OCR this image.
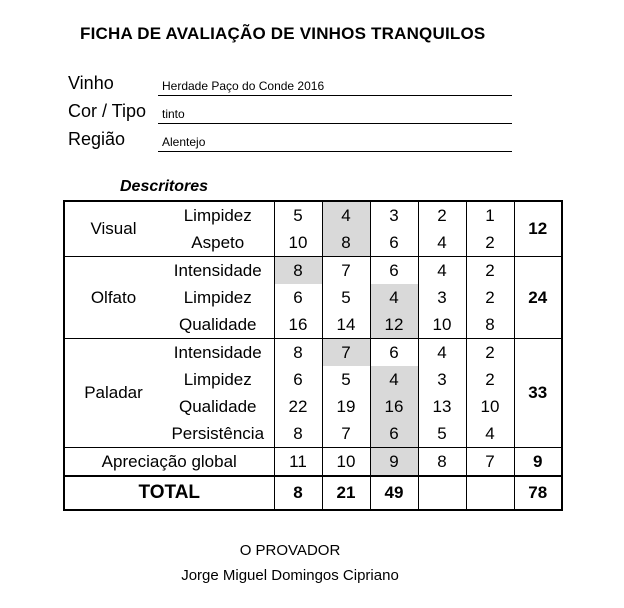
FICHA DE AVALIAÇÃO DE VINHOS TRANQUILOS
Vinho	Herdade Paço do Conde 2016
Cor / Tipo	tinto
Região	Alentejo
Descritores
Visual	Limpidez	5	4	3	2	1	12
	Aspeto	10	8	6	4	2	
Olfato	Intensidade	8	7	6	4	2	24
	Limpidez	6	5	4	3	2	
	Qualidade	16	14	12	10	8	
Paladar	Intensidade	8	7	6	4	2	33
	Limpidez	6	5	4	3	2	
	Qualidade	22	19	16	13	10	
	Persistência	8	7	6	5	4	
Apreciação global		11	10	9	8	7	9
TOTAL		8	21	49			78
O PROVADOR
Jorge Miguel Domingos Cipriano
